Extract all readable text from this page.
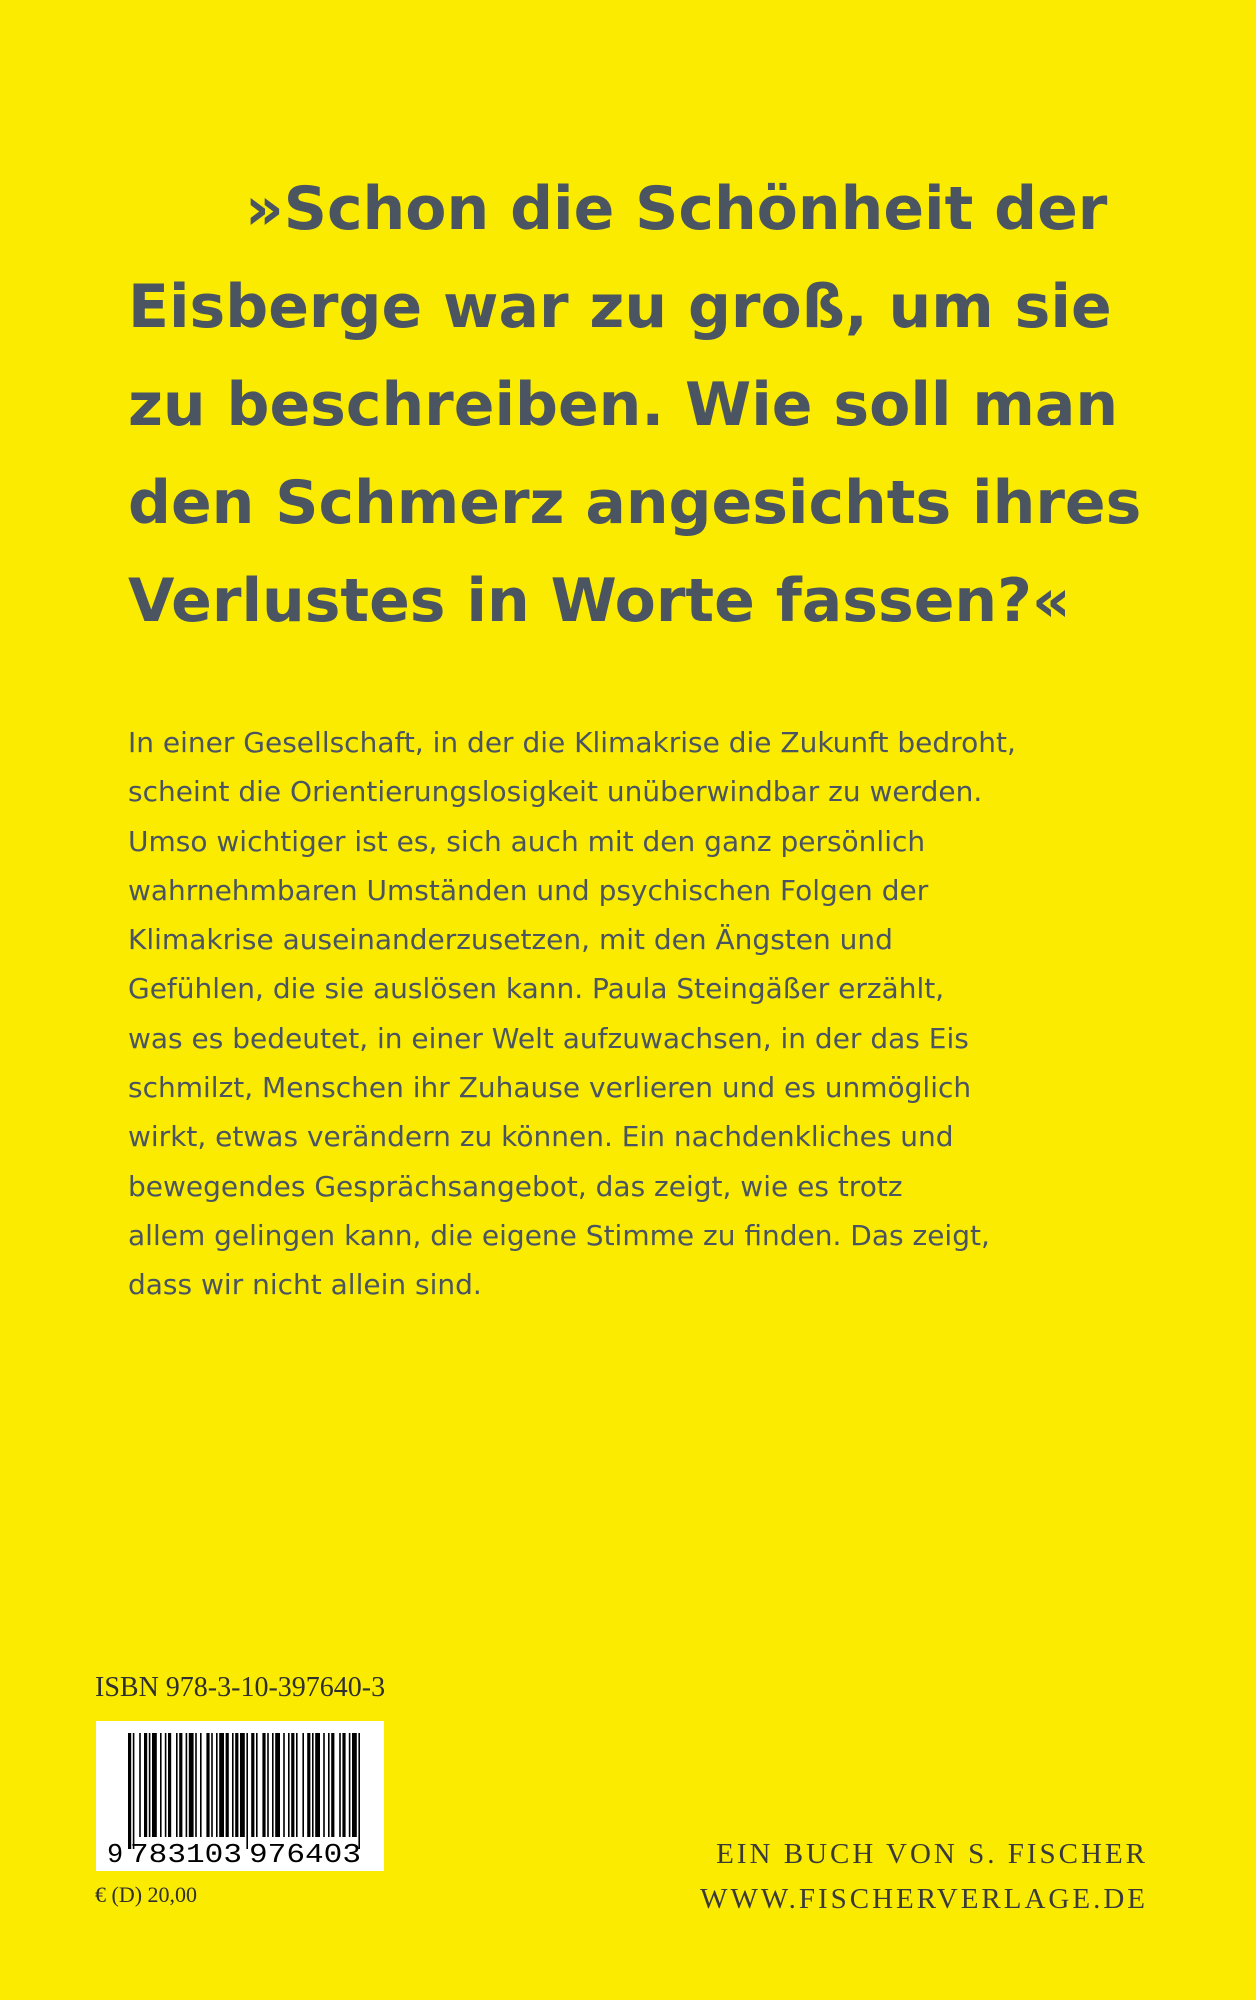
»Schon die Schönheit der
Eisberge war zu groß, um sie
zu beschreiben. Wie soll man
den Schmerz angesichts ihres
Verlustes in Worte fassen?«
In einer Gesellschaft, in der die Klimakrise die Zukunft bedroht,
scheint die Orientierungslosigkeit unüberwindbar zu werden.
Umso wichtiger ist es, sich auch mit den ganz persönlich
wahrnehmbaren Umständen und psychischen Folgen der
Klimakrise auseinanderzusetzen, mit den Ängsten und
Gefühlen, die sie auslösen kann. Paula Steingäßer erzählt,
was es bedeutet, in einer Welt aufzuwachsen, in der das Eis
schmilzt, Menschen ihr Zuhause verlieren und es unmöglich
wirkt, etwas verändern zu können. Ein nachdenkliches und
bewegendes Gesprächsangebot, das zeigt, wie es trotz
allem gelingen kann, die eigene Stimme zu finden. Das zeigt,
dass wir nicht allein sind.
ISBN 978-3-10-397640-3
9 783103 976403
€ (D) 20,00
EIN BUCH VON S. FISCHER
WWW.FISCHERVERLAGE.DE
